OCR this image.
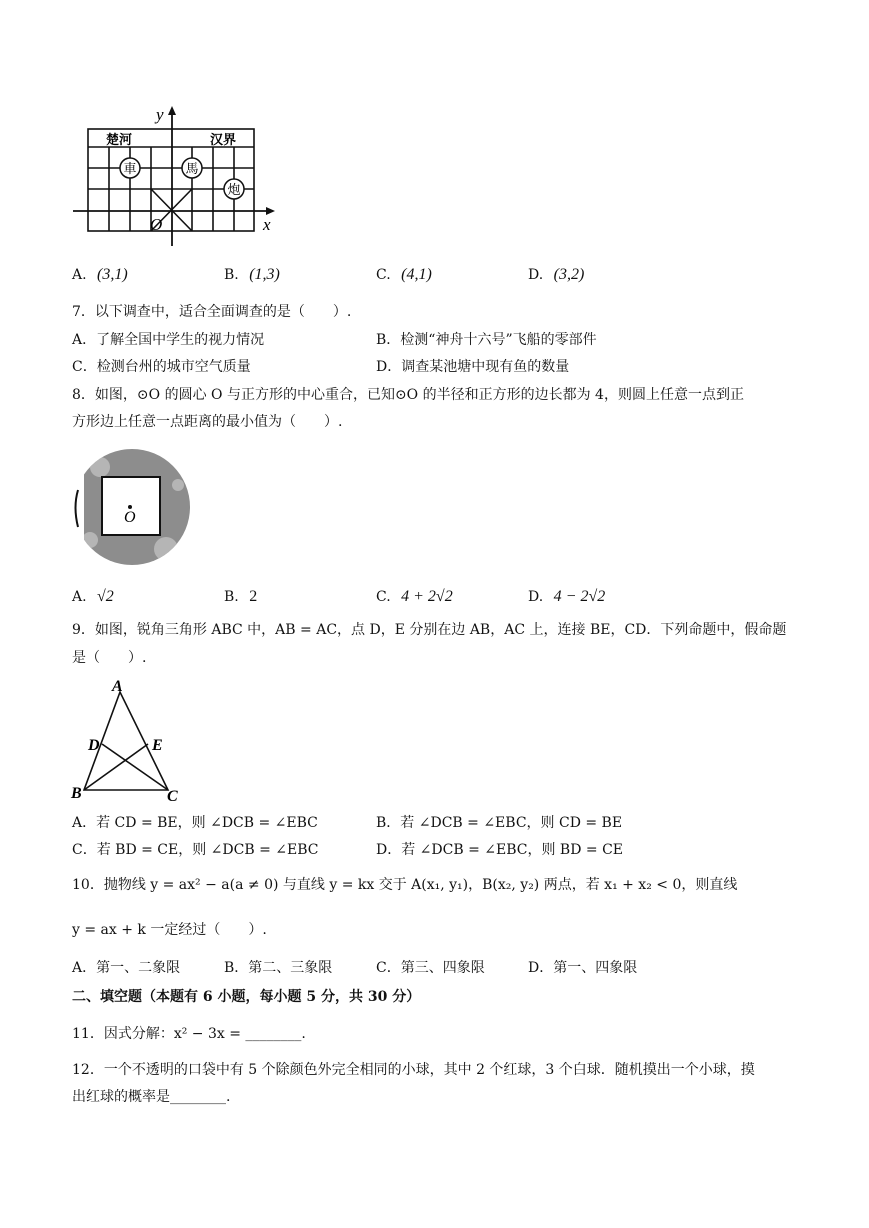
y
x
O
楚河	汉界
車	馬
炮
A. (3,1)	B. (1,3)	C. (4,1)	D. (3,2)
7．以下调查中，适合全面调查的是（　　）.
A．了解全国中学生的视力情况	B．检测“神舟十六号”飞船的零部件
C．检测台州的城市空气质量	D．调查某池塘中现有鱼的数量
8．如图，⊙O 的圆心 O 与正方形的中心重合，已知⊙O 的半径和正方形的边长都为 4，则圆上任意一点到正
方形边上任意一点距离的最小值为（　　）.
O
A. √2	B. 2	C. 4 + 2√2	D. 4 − 2√2
9．如图，锐角三角形 ABC 中，AB = AC，点 D，E 分别在边 AB，AC 上，连接 BE，CD．下列命题中，假命题
是（　　）.
A
B	C
D	E
A．若 CD = BE，则 ∠DCB = ∠EBC	B．若 ∠DCB = ∠EBC，则 CD = BE
C．若 BD = CE，则 ∠DCB = ∠EBC	D．若 ∠DCB = ∠EBC，则 BD = CE
10．抛物线 y = ax² − a(a ≠ 0) 与直线 y = kx 交于 A(x₁, y₁)，B(x₂, y₂) 两点，若 x₁ + x₂ < 0，则直线
y = ax + k 一定经过（　　）.
A．第一、二象限	B．第二、三象限	C．第三、四象限	D．第一、四象限
二、填空题（本题有 6 小题，每小题 5 分，共 30 分）
11．因式分解：x² − 3x = ________.
12．一个不透明的口袋中有 5 个除颜色外完全相同的小球，其中 2 个红球，3 个白球．随机摸出一个小球，摸
出红球的概率是________.
